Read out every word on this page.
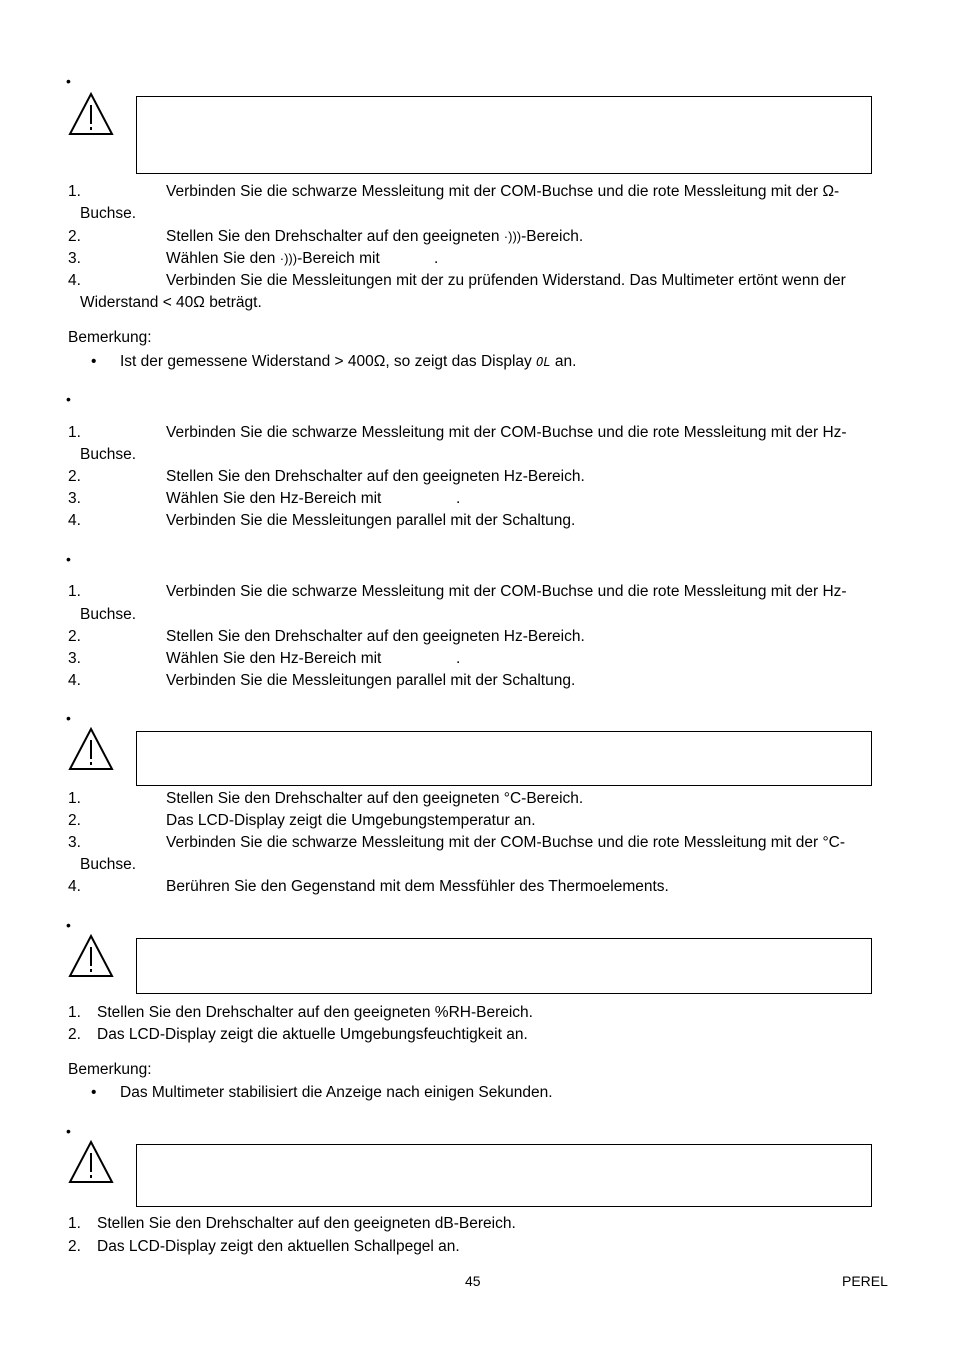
•
1.	Verbinden Sie die schwarze Messleitung mit der COM-Buchse und die rote Messleitung mit der Ω-
Buchse.
2.	Stellen Sie den Drehschalter auf den geeigneten ·)))-Bereich.
3.	Wählen Sie den ·)))-Bereich mit	.
4.	Verbinden Sie die Messleitungen mit der zu prüfenden Widerstand. Das Multimeter ertönt wenn der
Widerstand < 40Ω beträgt.
Bemerkung:
• Ist der gemessene Widerstand > 400Ω, so zeigt das Display OL an.
•
1.	Verbinden Sie die schwarze Messleitung mit der COM-Buchse und die rote Messleitung mit der Hz-
Buchse.
2.	Stellen Sie den Drehschalter auf den geeigneten Hz-Bereich.
3.	Wählen Sie den Hz-Bereich mit	.
4.	Verbinden Sie die Messleitungen parallel mit der Schaltung.
•
1.	Verbinden Sie die schwarze Messleitung mit der COM-Buchse und die rote Messleitung mit der Hz-
Buchse.
2.	Stellen Sie den Drehschalter auf den geeigneten Hz-Bereich.
3.	Wählen Sie den Hz-Bereich mit	.
4.	Verbinden Sie die Messleitungen parallel mit der Schaltung.
•
1.	Stellen Sie den Drehschalter auf den geeigneten °C-Bereich.
2.	Das LCD-Display zeigt die Umgebungstemperatur an.
3.	Verbinden Sie die schwarze Messleitung mit der COM-Buchse und die rote Messleitung mit der °C-
Buchse.
4.	Berühren Sie den Gegenstand mit dem Messfühler des Thermoelements.
•
1. Stellen Sie den Drehschalter auf den geeigneten %RH-Bereich.
2. Das LCD-Display zeigt die aktuelle Umgebungsfeuchtigkeit an.
Bemerkung:
• Das Multimeter stabilisiert die Anzeige nach einigen Sekunden.
•
1. Stellen Sie den Drehschalter auf den geeigneten dB-Bereich.
2. Das LCD-Display zeigt den aktuellen Schallpegel an.
45	PEREL
